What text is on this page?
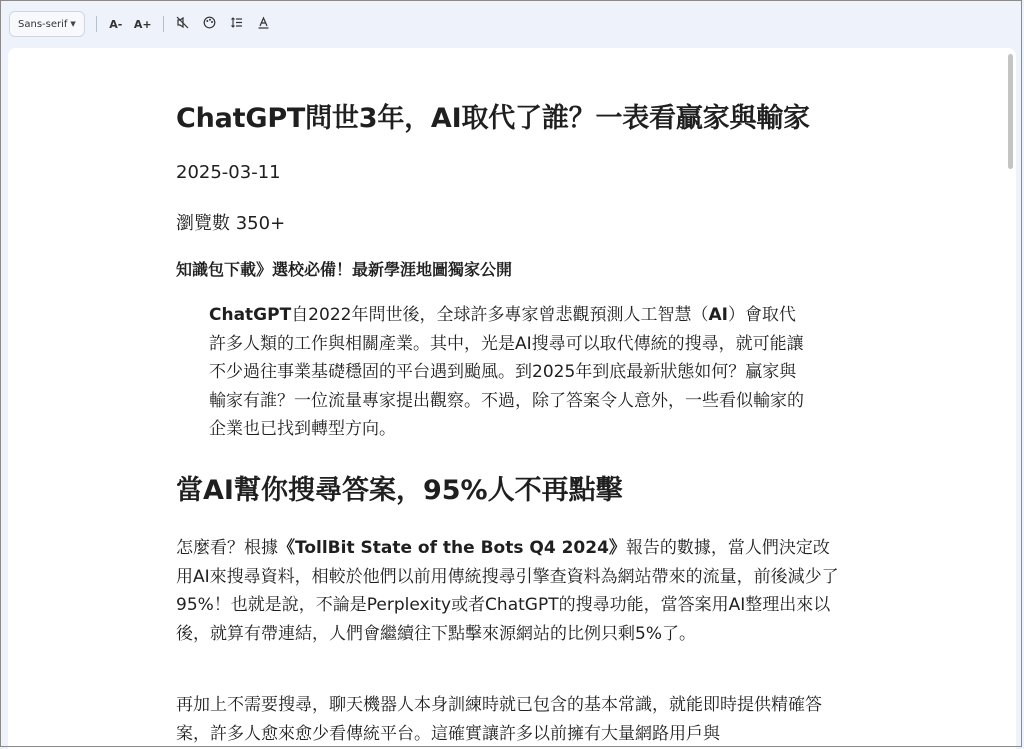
Sans-serif ▼	A- A+
ChatGPT問世3年，AI取代了誰？一表看贏家與輸家

2025-03-11

瀏覽數 350+

知識包下載》選校必備！最新學涯地圖獨家公開

ChatGPT自2022年問世後，全球許多專家曾悲觀預測人工智慧（AI）會取代許多人類的工作與相關產業。其中，光是AI搜尋可以取代傳統的搜尋，就可能讓不少過往事業基礎穩固的平台遇到颱風。到2025年到底最新狀態如何？贏家與輸家有誰？一位流量專家提出觀察。不過，除了答案令人意外，一些看似輸家的企業也已找到轉型方向。

當AI幫你搜尋答案，95%人不再點擊

怎麼看？根據《TollBit State of the Bots Q4 2024》報告的數據，當人們決定改用AI來搜尋資料，相較於他們以前用傳統搜尋引擎查資料為網站帶來的流量，前後減少了95%！也就是說，不論是Perplexity或者ChatGPT的搜尋功能，當答案用AI整理出來以後，就算有帶連結，人們會繼續往下點擊來源網站的比例只剩5%了。

再加上不需要搜尋，聊天機器人本身訓練時就已包含的基本常識，就能即時提供精確答案，許多人愈來愈少看傳統平台。這確實讓許多以前擁有大量網路用戶與
